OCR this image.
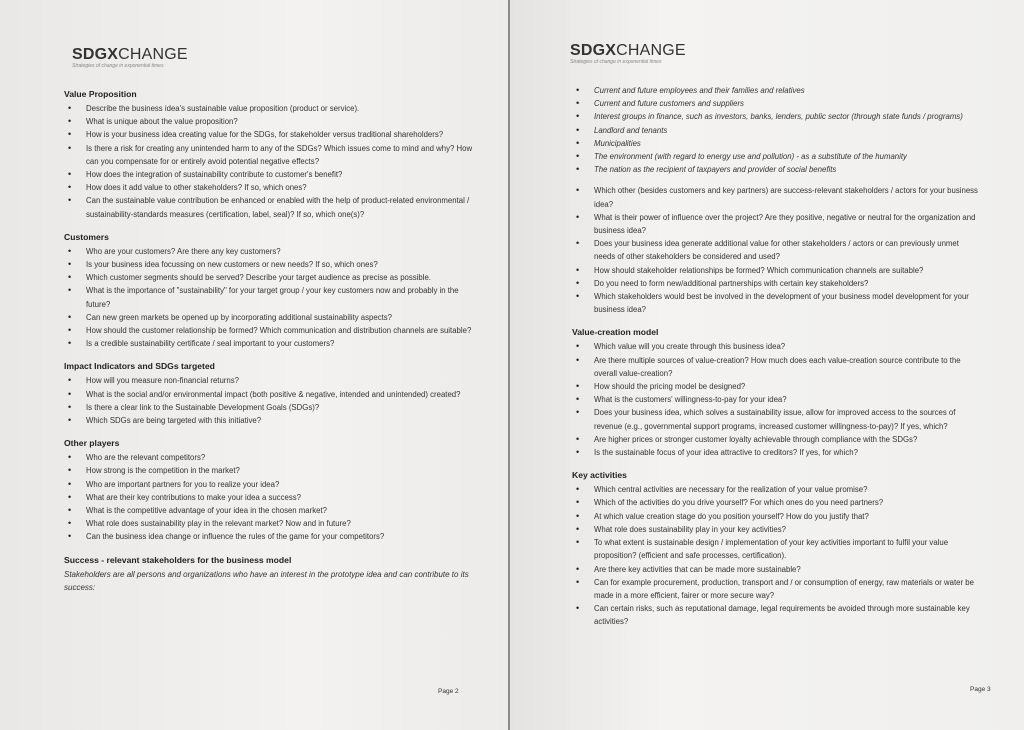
SDGXCHANGE
Strategies of change in exponential times
Value Proposition
• Describe the business idea's sustainable value proposition (product or service).
• What is unique about the value proposition?
• How is your business idea creating value for the SDGs, for stakeholder versus traditional shareholders?
• Is there a risk for creating any unintended harm to any of the SDGs? Which issues come to mind and why? How can you compensate for or entirely avoid potential negative effects?
• How does the integration of sustainability contribute to customer's benefit?
• How does it add value to other stakeholders? If so, which ones?
• Can the sustainable value contribution be enhanced or enabled with the help of product-related environmental / sustainability-standards measures (certification, label, seal)? If so, which one(s)?
Customers
• Who are your customers? Are there any key customers?
• Is your business idea focussing on new customers or new needs? If so, which ones?
• Which customer segments should be served? Describe your target audience as precise as possible.
• What is the importance of "sustainability" for your target group / your key customers now and probably in the future?
• Can new green markets be opened up by incorporating additional sustainability aspects?
• How should the customer relationship be formed? Which communication and distribution channels are suitable?
• Is a credible sustainability certificate / seal important to your customers?
Impact Indicators and SDGs targeted
• How will you measure non-financial returns?
• What is the social and/or environmental impact (both positive & negative, intended and unintended) created?
• Is there a clear link to the Sustainable Development Goals (SDGs)?
• Which SDGs are being targeted with this initiative?
Other players
• Who are the relevant competitors?
• How strong is the competition in the market?
• Who are important partners for you to realize your idea?
• What are their key contributions to make your idea a success?
• What is the competitive advantage of your idea in the chosen market?
• What role does sustainability play in the relevant market? Now and in future?
• Can the business idea change or influence the rules of the game for your competitors?
Success - relevant stakeholders for the business model
Stakeholders are all persons and organizations who have an interest in the prototype idea and can contribute to its success:
Page 2
SDGXCHANGE
Strategies of change in exponential times
• Current and future employees and their families and relatives
• Current and future customers and suppliers
• Interest groups in finance, such as investors, banks, lenders, public sector (through state funds / programs)
• Landlord and tenants
• Municipalities
• The environment (with regard to energy use and pollution) - as a substitute of the humanity
• The nation as the recipient of taxpayers and provider of social benefits
• Which other (besides customers and key partners) are success-relevant stakeholders / actors for your business idea?
• What is their power of influence over the project? Are they positive, negative or neutral for the organization and business idea?
• Does your business idea generate additional value for other stakeholders / actors or can previously unmet needs of other stakeholders be considered and used?
• How should stakeholder relationships be formed? Which communication channels are suitable?
• Do you need to form new/additional partnerships with certain key stakeholders?
• Which stakeholders would best be involved in the development of your business model development for your business idea?
Value-creation model
• Which value will you create through this business idea?
• Are there multiple sources of value-creation? How much does each value-creation source contribute to the overall value-creation?
• How should the pricing model be designed?
• What is the customers' willingness-to-pay for your idea?
• Does your business idea, which solves a sustainability issue, allow for improved access to the sources of revenue (e.g., governmental support programs, increased customer willingness-to-pay)? If yes, which?
• Are higher prices or stronger customer loyalty achievable through compliance with the SDGs?
• Is the sustainable focus of your idea attractive to creditors? If yes, for which?
Key activities
• Which central activities are necessary for the realization of your value promise?
• Which of the activities do you drive yourself? For which ones do you need partners?
• At which value creation stage do you position yourself? How do you justify that?
• What role does sustainability play in your key activities?
• To what extent is sustainable design / implementation of your key activities important to fulfil your value proposition? (efficient and safe processes, certification).
• Are there key activities that can be made more sustainable?
• Can for example procurement, production, transport and / or consumption of energy, raw materials or water be made in a more efficient, fairer or more secure way?
• Can certain risks, such as reputational damage, legal requirements be avoided through more sustainable key activities?
Page 3
